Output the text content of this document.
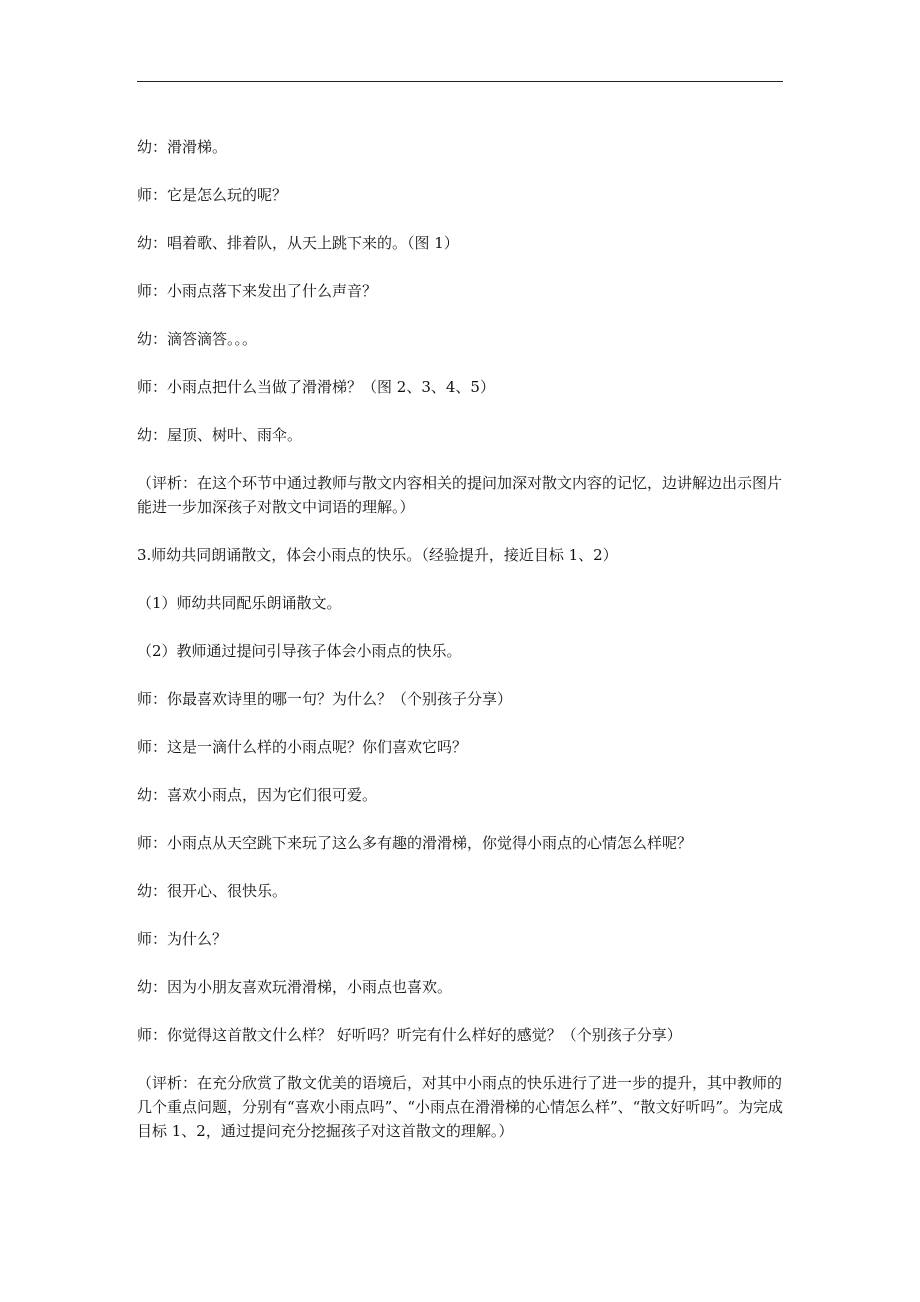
幼：滑滑梯。

师：它是怎么玩的呢？

幼：唱着歌、排着队，从天上跳下来的。（图 1）

师：小雨点落下来发出了什么声音？

幼：滴答滴答。。。

师：小雨点把什么当做了滑滑梯？（图 2、3、4、5）

幼：屋顶、树叶、雨伞。

（评析：在这个环节中通过教师与散文内容相关的提问加深对散文内容的记忆，边讲解边出示图片能进一步加深孩子对散文中词语的理解。）

3.师幼共同朗诵散文，体会小雨点的快乐。（经验提升，接近目标 1、2）

（1）师幼共同配乐朗诵散文。

（2）教师通过提问引导孩子体会小雨点的快乐。

师：你最喜欢诗里的哪一句？为什么？（个别孩子分享）

师：这是一滴什么样的小雨点呢？你们喜欢它吗？

幼：喜欢小雨点，因为它们很可爱。

师：小雨点从天空跳下来玩了这么多有趣的滑滑梯，你觉得小雨点的心情怎么样呢？

幼：很开心、很快乐。

师：为什么？

幼：因为小朋友喜欢玩滑滑梯，小雨点也喜欢。

师：你觉得这首散文什么样？ 好听吗？听完有什么样好的感觉？（个别孩子分享）

（评析：在充分欣赏了散文优美的语境后，对其中小雨点的快乐进行了进一步的提升，其中教师的几个重点问题，分别有“喜欢小雨点吗”、“小雨点在滑滑梯的心情怎么样”、“散文好听吗”。为完成目标 1、2，通过提问充分挖掘孩子对这首散文的理解。）
